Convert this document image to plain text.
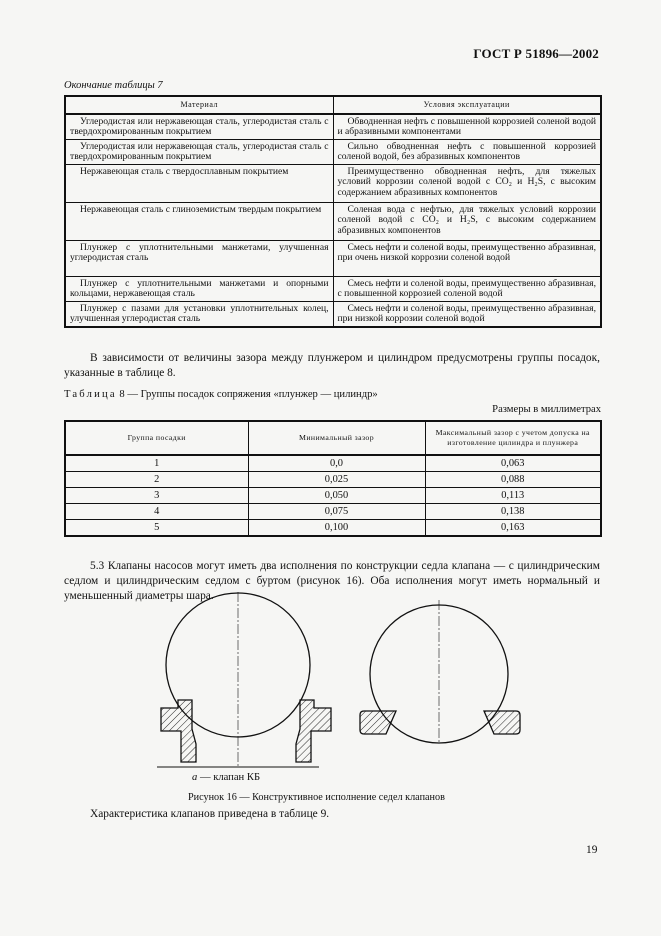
ГОСТ Р 51896—2002
Окончание таблицы 7
Материал	Условия эксплуатации
Углеродистая или нержавеющая сталь, углеродистая сталь с твердохромированным покрытием	Обводненная нефть с повышенной коррозией соленой водой и абразивными компонентами
Углеродистая или нержавеющая сталь, углеродистая сталь с твердохромированным покрытием	Сильно обводненная нефть с повышенной коррозией соленой водой, без абразивных компонентов
Нержавеющая сталь с твердосплавным покрытием	Преимущественно обводненная нефть, для тяжелых условий коррозии соленой водой с CO₂ и H₂S, с высоким содержанием абразивных компонентов
Нержавеющая сталь с глиноземистым твердым покрытием	Соленая вода с нефтью, для тяжелых условий коррозии соленой водой с CO₂ и H₂S, с высоким содержанием абразивных компонентов
Плунжер с уплотнительными манжетами, улучшенная углеродистая сталь	Смесь нефти и соленой воды, преимущественно абразивная, при очень низкой коррозии соленой водой
Плунжер с уплотнительными манжетами и опорными кольцами, нержавеющая сталь	Смесь нефти и соленой воды, преимущественно абразивная, с повышенной коррозией соленой водой
Плунжер с пазами для установки уплотнительных колец, улучшенная углеродистая сталь	Смесь нефти и соленой воды, преимущественно абразивная, при низкой коррозии соленой водой
В зависимости от величины зазора между плунжером и цилиндром предусмотрены группы посадок, указанные в таблице 8.
Таблица 8 — Группы посадок сопряжения «плунжер — цилиндр»
Размеры в миллиметрах
Группа посадки	Минимальный зазор	Максимальный зазор с учетом допуска на изготовление цилиндра и плунжера
1	0,0	0,063
2	0,025	0,088
3	0,050	0,113
4	0,075	0,138
5	0,100	0,163
5.3 Клапаны насосов могут иметь два исполнения по конструкции седла клапана — с цилиндрическим седлом и цилиндрическим седлом с буртом (рисунок 16). Оба исполнения могут иметь нормальный и уменьшенный диаметры шара.
а — клапан КБ
Рисунок 16 — Конструктивное исполнение седел клапанов
Характеристика клапанов приведена в таблице 9.
19
